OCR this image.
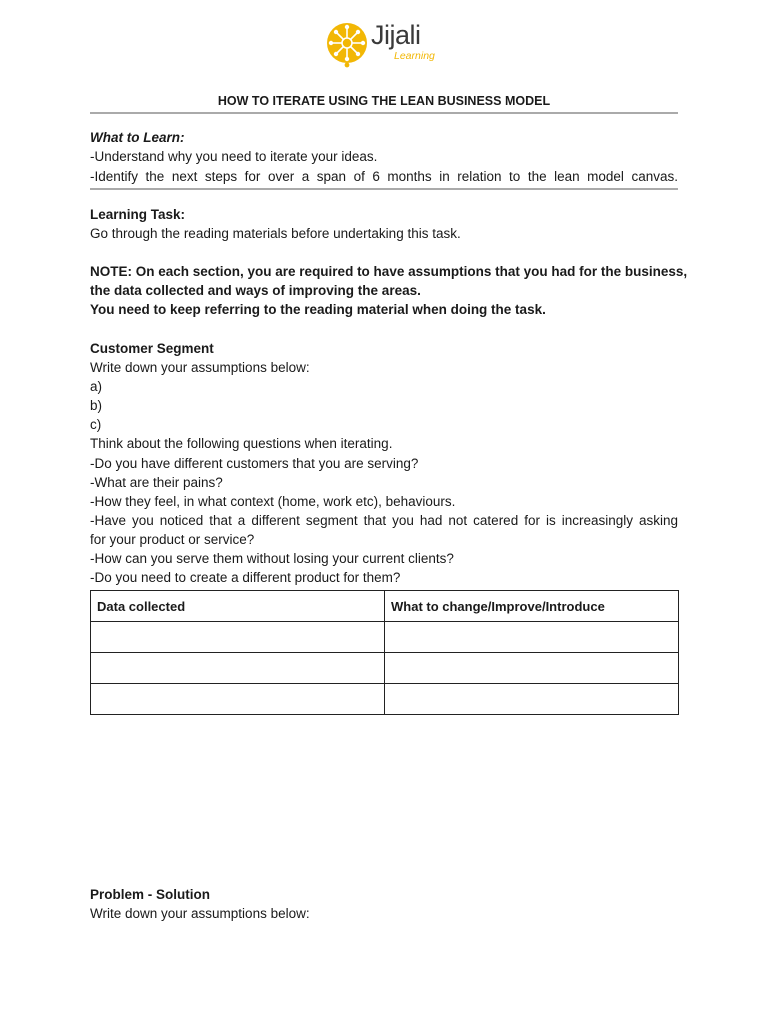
Jijali
Learning
HOW TO ITERATE USING THE LEAN BUSINESS MODEL
What to Learn:
-Understand why you need to iterate your ideas.
-Identify the next steps for over a span of 6 months in relation to the lean model canvas.
Learning Task:
Go through the reading materials before undertaking this task.
NOTE: On each section, you are required to have assumptions that you had for the business,
the data collected and ways of improving the areas.
You need to keep referring to the reading material when doing the task.
Customer Segment
Write down your assumptions below:
a)
b)
c)
Think about the following questions when iterating.
-Do you have different customers that you are serving?
-What are their pains?
-How they feel, in what context (home, work etc), behaviours.
-Have you noticed that a different segment that you had not catered for is increasingly asking
for your product or service?
-How can you serve them without losing your current clients?
-Do you need to create a different product for them?
Data collected	What to change/Improve/Introduce

Problem - Solution
Write down your assumptions below:
